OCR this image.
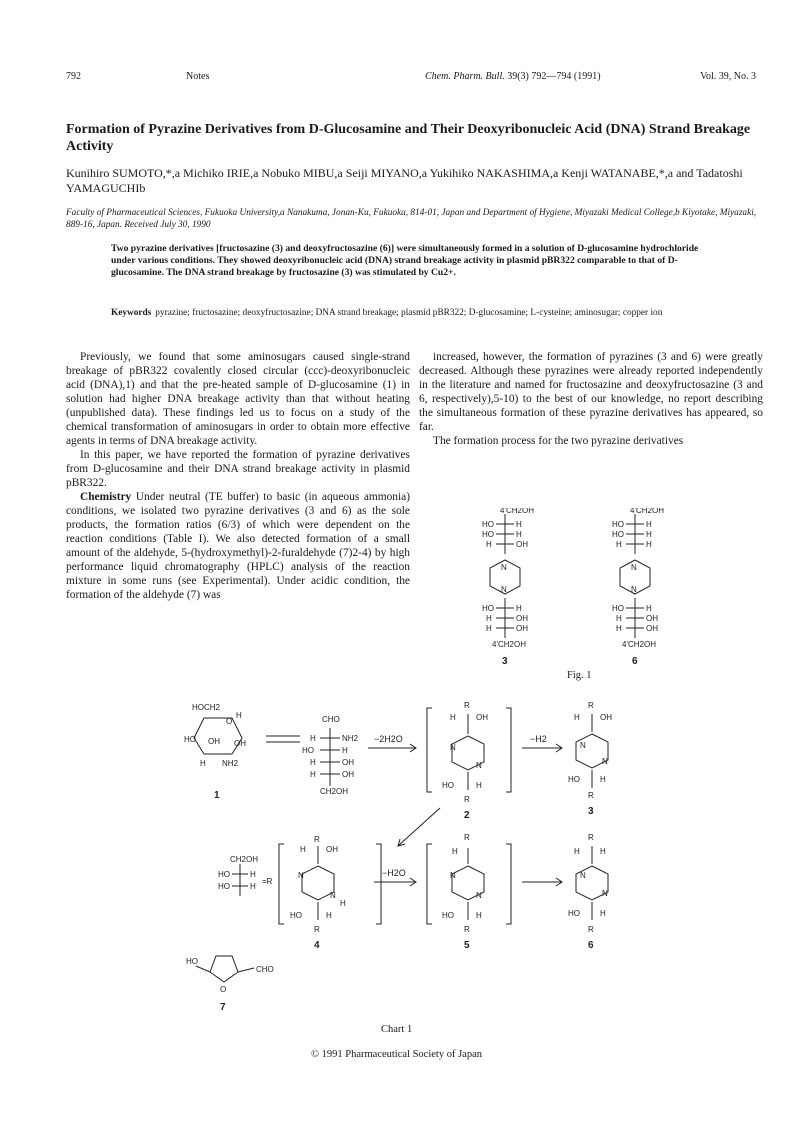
792	Notes	Chem. Pharm. Bull. 39(3) 792—794 (1991)	Vol. 39, No. 3
Formation of Pyrazine Derivatives from D-Glucosamine and Their Deoxyribonucleic Acid (DNA) Strand Breakage Activity
Kunihiro SUMOTO,*,a Michiko IRIE,a Nobuko MIBU,a Seiji MIYANO,a Yukihiko NAKASHIMA,a Kenji WATANABE,*,a and Tadatoshi YAMAGUCHIb
Faculty of Pharmaceutical Sciences, Fukuoka University,a Nanakuma, Jonan-Ku, Fukuoka, 814-01, Japan and Department of Hygiene, Miyazaki Medical College,b Kiyotake, Miyazaki, 889-16, Japan. Received July 30, 1990
Two pyrazine derivatives [fructosazine (3) and deoxyfructosazine (6)] were simultaneously formed in a solution of D-glucosamine hydrochloride under various conditions. They showed deoxyribonucleic acid (DNA) strand breakage activity in plasmid pBR322 comparable to that of D-glucosamine. The DNA strand breakage by fructosazine (3) was stimulated by Cu2+.
Keywords pyrazine; fructosazine; deoxyfructosazine; DNA strand breakage; plasmid pBR322; D-glucosamine; L-cysteine; aminosugar; copper ion

Previously, we found that some aminosugars caused single-strand breakage of pBR322 covalently closed circular (ccc)-deoxyribonucleic acid (DNA),1) and that the pre-heated sample of D-glucosamine (1) in solution had higher DNA breakage activity than that without heating (unpublished data). These findings led us to focus on a study of the chemical transformation of aminosugars in order to obtain more effective agents in terms of DNA breakage activity.

In this paper, we have reported the formation of pyrazine derivatives from D-glucosamine and their DNA strand breakage activity in plasmid pBR322.

Chemistry Under neutral (TE buffer) to basic (in aqueous ammonia) conditions, we isolated two pyrazine derivatives (3 and 6) as the sole products, the formation ratios (6/3) of which were dependent on the reaction conditions (Table I). We also detected formation of a small amount of the aldehyde, 5-(hydroxymethyl)-2-furaldehyde (7)2-4) by high performance liquid chromatography (HPLC) analysis of the reaction mixture in some runs (see Experimental). Under acidic condition, the formation of the aldehyde (7) was

increased, however, the formation of pyrazines (3 and 6) were greatly decreased. Although these pyrazines were already reported independently in the literature and named for fructosazine and deoxyfructosazine (3 and 6, respectively),5-10) to the best of our knowledge, no report describing the simultaneous formation of these pyrazine derivatives has appeared, so far.

The formation process for the two pyrazine derivatives

4'CH2OH	4'CH2OH
HO
HO
OH
H
H
H
HO
HO
H
H
H
H
N
N
N
N
HO
H
H
H
OH
OH
HO
H
H
H
OH
OH
4'CH2OH	4'CH2OH
3	6
Fig. 1
HOCH2
HO OH OH
O
H
H NH2
CHO
H	NH2
HO	H
H	OH
H	OH
CH2OH
R
H	OH
N
N
HO	H
R
R
H	OH
N
N
HO	H
R
R
H	OH
N
N
H
HO	H
R
R
H
N
N
HO	H
R
R
H	H
N
N
HO	H
R
CH2OH
HO	H
HO	H
=R
HO
O
CHO
−2H2O	−H2
−H2O
1
2	3
4	5	6
7
Chart 1
© 1991 Pharmaceutical Society of Japan
